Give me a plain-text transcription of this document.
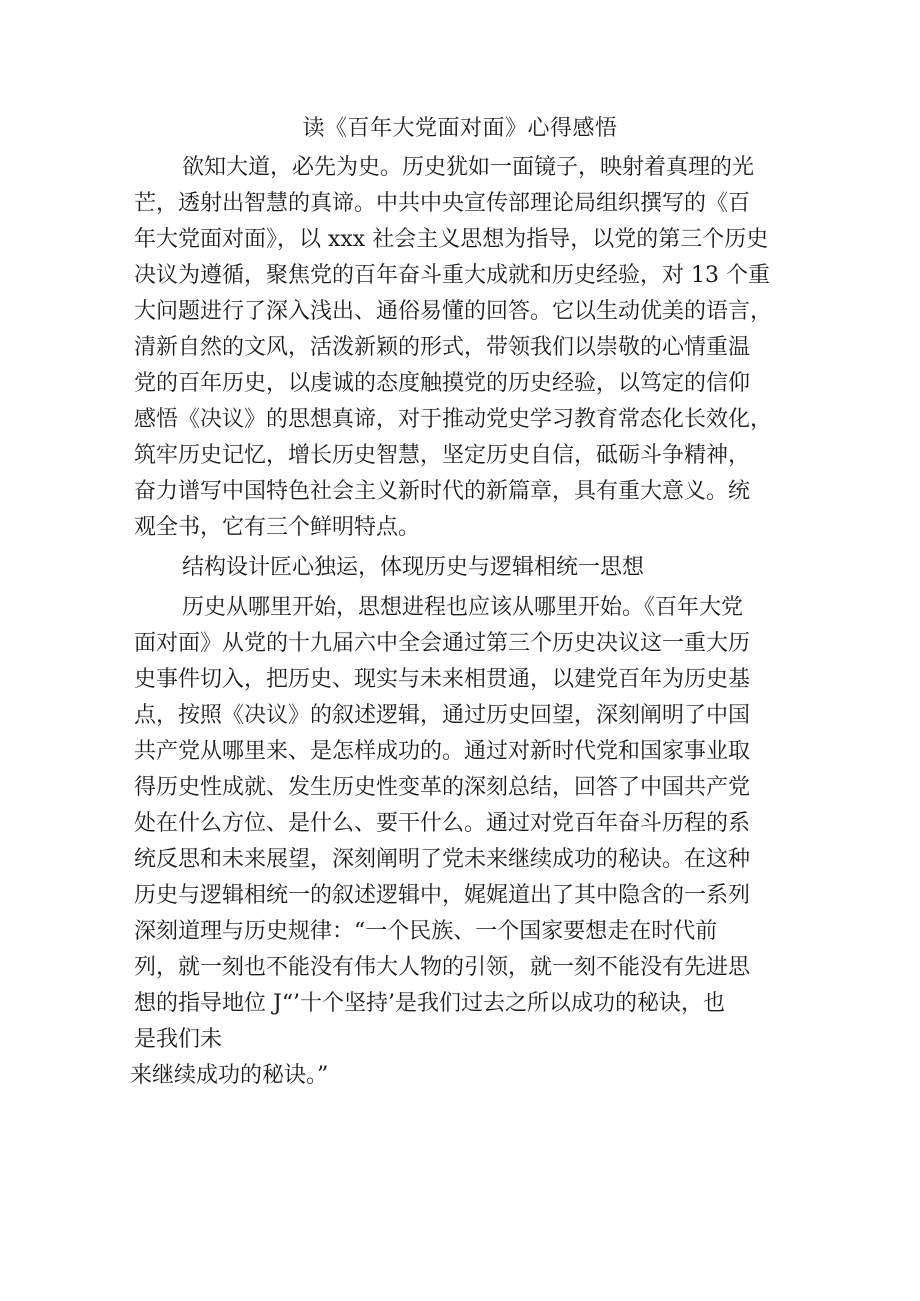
读《百年大党面对面》心得感悟
欲知大道，必先为史。历史犹如一面镜子，映射着真理的光
芒，透射出智慧的真谛。中共中央宣传部理论局组织撰写的《百
年大党面对面》，以 xxx 社会主义思想为指导，以党的第三个历史
决议为遵循，聚焦党的百年奋斗重大成就和历史经验，对 13 个重
大问题进行了深入浅出、通俗易懂的回答。它以生动优美的语言，
清新自然的文风，活泼新颖的形式，带领我们以崇敬的心情重温
党的百年历史，以虔诚的态度触摸党的历史经验，以笃定的信仰
感悟《决议》的思想真谛，对于推动党史学习教育常态化长效化，
筑牢历史记忆，增长历史智慧，坚定历史自信，砥砺斗争精神，
奋力谱写中国特色社会主义新时代的新篇章，具有重大意义。统
观全书，它有三个鲜明特点。
结构设计匠心独运，体现历史与逻辑相统一思想
历史从哪里开始，思想进程也应该从哪里开始。《百年大党
面对面》从党的十九届六中全会通过第三个历史决议这一重大历
史事件切入，把历史、现实与未来相贯通，以建党百年为历史基
点，按照《决议》的叙述逻辑，通过历史回望，深刻阐明了中国
共产党从哪里来、是怎样成功的。通过对新时代党和国家事业取
得历史性成就、发生历史性变革的深刻总结，回答了中国共产党
处在什么方位、是什么、要干什么。通过对党百年奋斗历程的系
统反思和未来展望，深刻阐明了党未来继续成功的秘诀。在这种
历史与逻辑相统一的叙述逻辑中，娓娓道出了其中隐含的一系列
深刻道理与历史规律：“一个民族、一个国家要想走在时代前
列，就一刻也不能没有伟大人物的引领，就一刻不能没有先进思
想的指导地位 J“’十个坚持’是我们过去之所以成功的秘诀，也
是我们未
来继续成功的秘诀。”
